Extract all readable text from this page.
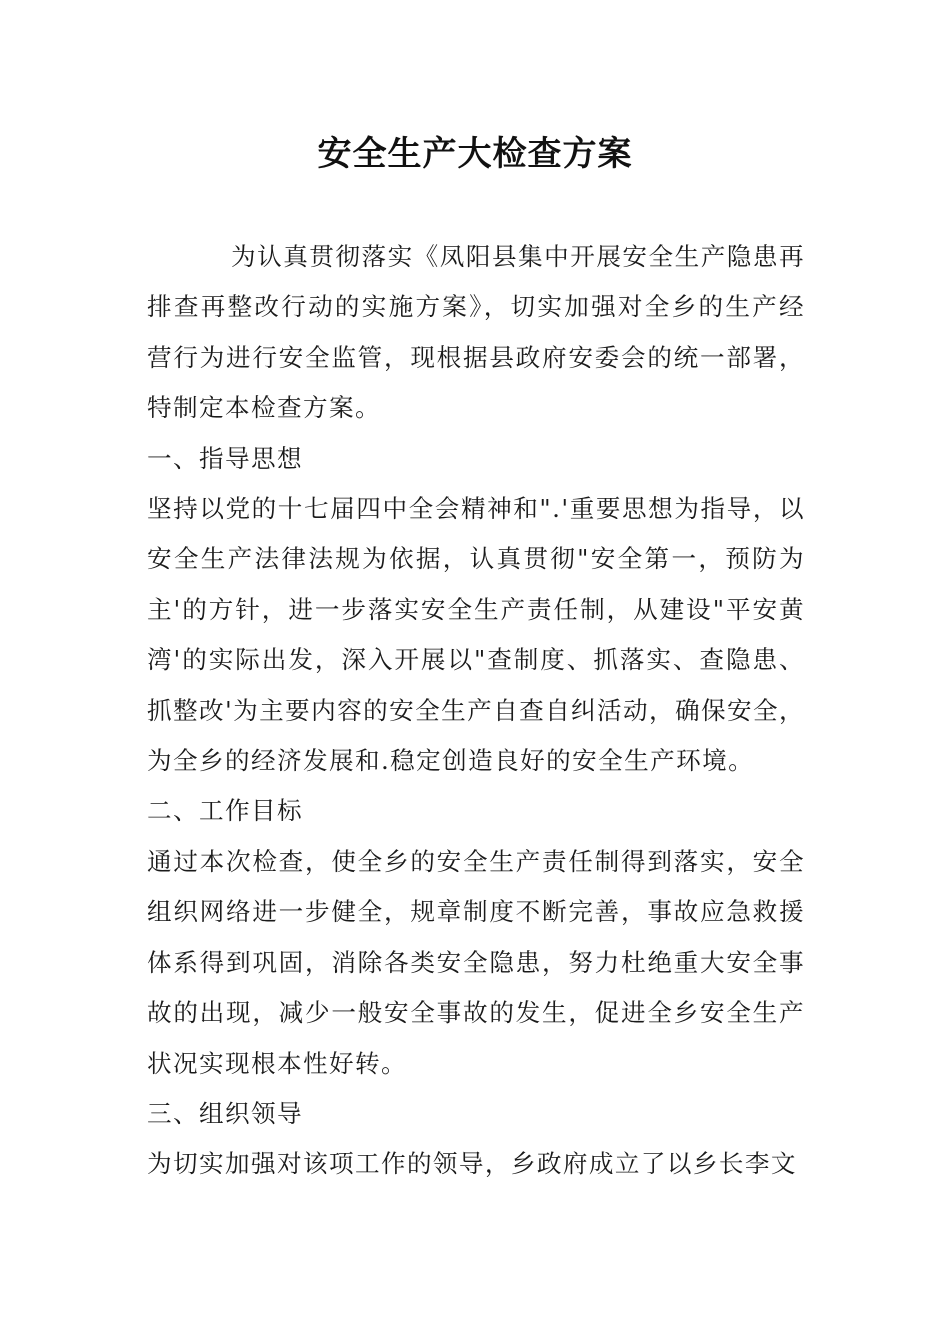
安全生产大检查方案

为认真贯彻落实《凤阳县集中开展安全生产隐患再排查再整改行动的实施方案》，切实加强对全乡的生产经营行为进行安全监管，现根据县政府安委会的统一部署，特制定本检查方案。

一、指导思想

坚持以党的十七届四中全会精神和".'重要思想为指导，以安全生产法律法规为依据，认真贯彻"安全第一，预防为主'的方针，进一步落实安全生产责任制，从建设"平安黄湾'的实际出发，深入开展以"查制度、抓落实、查隐患、抓整改'为主要内容的安全生产自查自纠活动，确保安全，为全乡的经济发展和.稳定创造良好的安全生产环境。

二、工作目标

通过本次检查，使全乡的安全生产责任制得到落实，安全组织网络进一步健全，规章制度不断完善，事故应急救援体系得到巩固，消除各类安全隐患，努力杜绝重大安全事故的出现，减少一般安全事故的发生，促进全乡安全生产状况实现根本性好转。

三、组织领导

为切实加强对该项工作的领导，乡政府成立了以乡长李文
